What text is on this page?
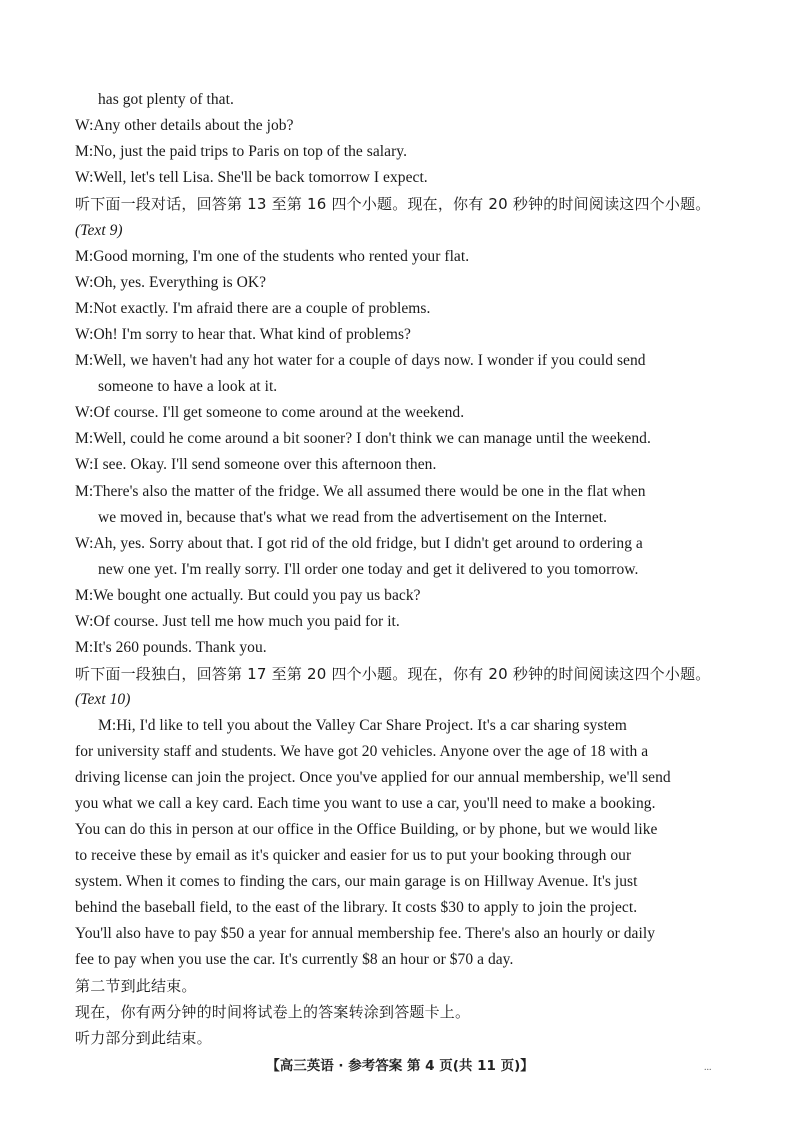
has got plenty of that.
W:Any other details about the job?
M:No, just the paid trips to Paris on top of the salary.
W:Well, let's tell Lisa. She'll be back tomorrow I expect.
听下面一段对话，回答第 13 至第 16 四个小题。现在，你有 20 秒钟的时间阅读这四个小题。
(Text 9)
M:Good morning, I'm one of the students who rented your flat.
W:Oh, yes. Everything is OK?
M:Not exactly. I'm afraid there are a couple of problems.
W:Oh! I'm sorry to hear that. What kind of problems?
M:Well, we haven't had any hot water for a couple of days now. I wonder if you could send
someone to have a look at it.
W:Of course. I'll get someone to come around at the weekend.
M:Well, could he come around a bit sooner? I don't think we can manage until the weekend.
W:I see. Okay. I'll send someone over this afternoon then.
M:There's also the matter of the fridge. We all assumed there would be one in the flat when
we moved in, because that's what we read from the advertisement on the Internet.
W:Ah, yes. Sorry about that. I got rid of the old fridge, but I didn't get around to ordering a
new one yet. I'm really sorry. I'll order one today and get it delivered to you tomorrow.
M:We bought one actually. But could you pay us back?
W:Of course. Just tell me how much you paid for it.
M:It's 260 pounds. Thank you.
听下面一段独白，回答第 17 至第 20 四个小题。现在，你有 20 秒钟的时间阅读这四个小题。
(Text 10)
M:Hi, I'd like to tell you about the Valley Car Share Project. It's a car sharing system
for university staff and students. We have got 20 vehicles. Anyone over the age of 18 with a
driving license can join the project. Once you've applied for our annual membership, we'll send
you what we call a key card. Each time you want to use a car, you'll need to make a booking.
You can do this in person at our office in the Office Building, or by phone, but we would like
to receive these by email as it's quicker and easier for us to put your booking through our
system. When it comes to finding the cars, our main garage is on Hillway Avenue. It's just
behind the baseball field, to the east of the library. It costs $30 to apply to join the project.
You'll also have to pay $50 a year for annual membership fee. There's also an hourly or daily
fee to pay when you use the car. It's currently $8 an hour or $70 a day.
第二节到此结束。
现在，你有两分钟的时间将试卷上的答案转涂到答题卡上。
听力部分到此结束。
【高三英语 · 参考答案 第 4 页(共 11 页)】	...
